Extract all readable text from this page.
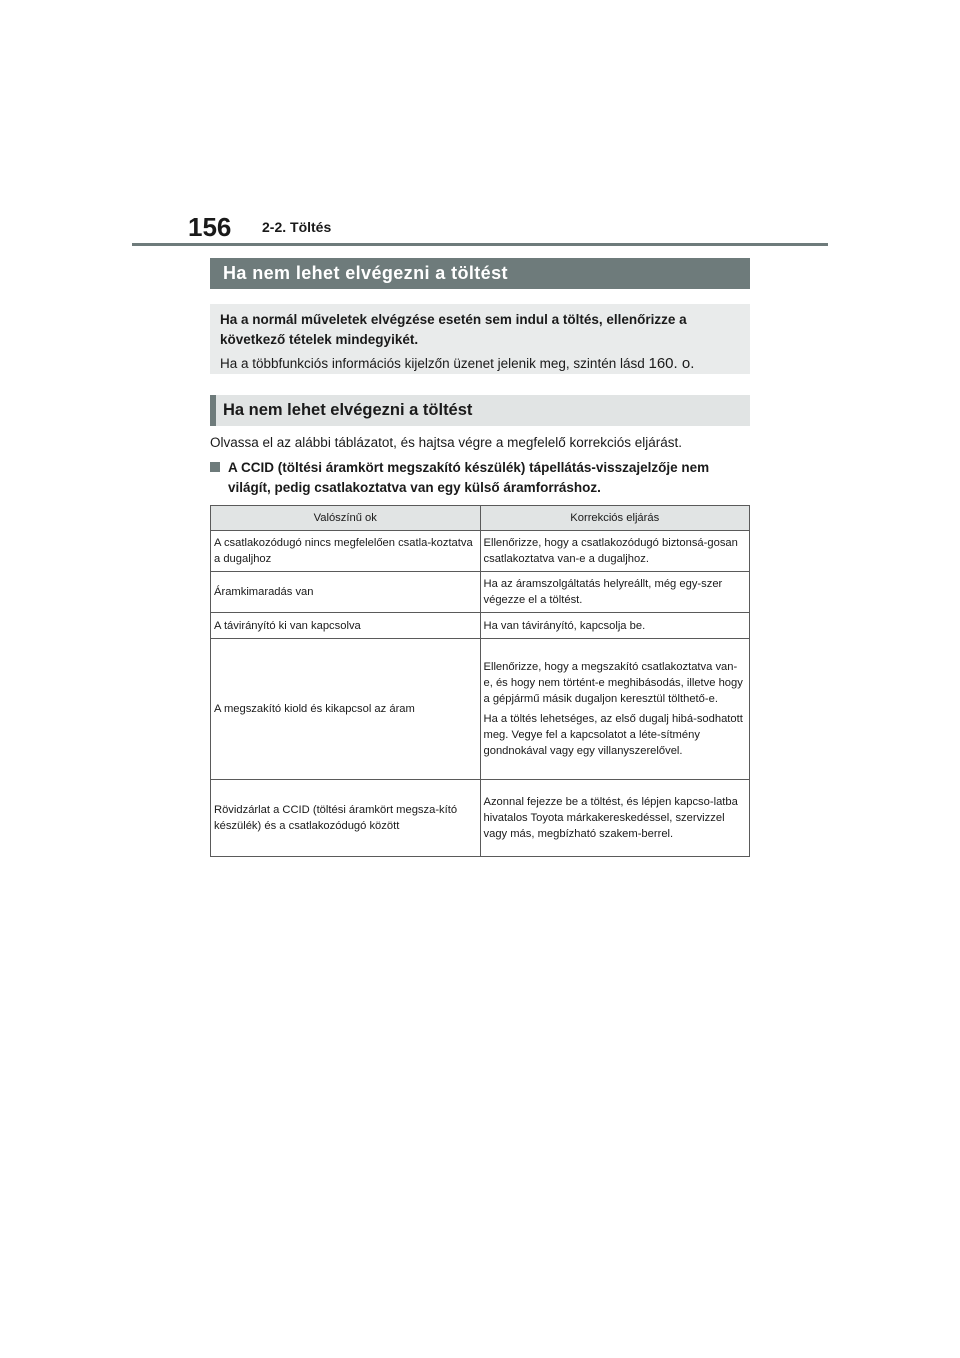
156 2-2. Töltés
Ha nem lehet elvégezni a töltést

Ha a normál műveletek elvégzése esetén sem indul a töltés, ellenőrizze a következő tételek mindegyikét.

Ha a többfunkciós információs kijelzőn üzenet jelenik meg, szintén lásd 160. o.

Ha nem lehet elvégezni a töltést

Olvassa el az alábbi táblázatot, és hajtsa végre a megfelelő korrekciós eljárást.

A CCID (töltési áramkört megszakító készülék) tápellátás-visszajelzője nem világít, pedig csatlakoztatva van egy külső áramforráshoz.
Valószínű ok	Korrekciós eljárás
A csatlakozódugó nincs megfelelően csatla-koztatva a dugaljhoz	Ellenőrizze, hogy a csatlakozódugó biztonsá-gosan csatlakoztatva van-e a dugaljhoz.

Áramkimaradás van	Ha az áramszolgáltatás helyreállt, még egy-szer végezze el a töltést.

A távirányító ki van kapcsolva	Ha van távirányító, kapcsolja be.

A megszakító kiold és kikapcsol az áram	Ellenőrizze, hogy a megszakító csatlakoztatva van-e, és hogy nem történt-e meghibásodás, illetve hogy a gépjármű másik dugaljon keresztül tölthető-e.

Ha a töltés lehetséges, az első dugalj hibá-sodhatott meg. Vegye fel a kapcsolatot a léte-sítmény gondnokával vagy egy villanyszerelővel.

Rövidzárlat a CCID (töltési áramkört megsza-kító készülék) és a csatlakozódugó között	Azonnal fejezze be a töltést, és lépjen kapcso-latba hivatalos Toyota márkakereskedéssel, szervizzel vagy más, megbízható szakem-berrel.
